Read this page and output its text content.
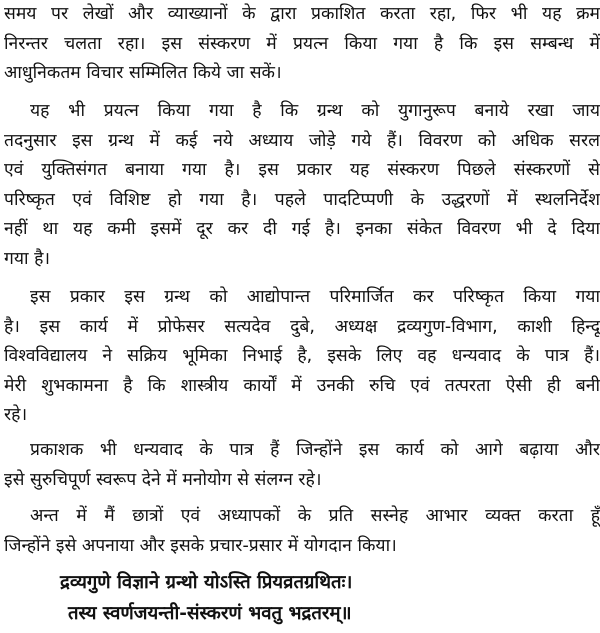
समय पर लेखों और व्याख्यानों के द्वारा प्रकाशित करता रहा, फिर भी यह क्रम
निरन्तर चलता रहा। इस संस्करण में प्रयत्न किया गया है कि इस सम्बन्ध में
आधुनिकतम विचार सम्मिलित किये जा सकें।
यह भी प्रयत्न किया गया है कि ग्रन्थ को युगानुरूप बनाये रखा जाय
तदनुसार इस ग्रन्थ में कई नये अध्याय जोड़े गये हैं। विवरण को अधिक सरल
एवं युक्तिसंगत बनाया गया है। इस प्रकार यह संस्करण पिछले संस्करणों से
परिष्कृत एवं विशिष्ट हो गया है। पहले पादटिप्पणी के उद्धरणों में स्थलनिर्देश
नहीं था यह कमी इसमें दूर कर दी गई है। इनका संकेत विवरण भी दे दिया
गया है।
इस प्रकार इस ग्रन्थ को आद्योपान्त परिमार्जित कर परिष्कृत किया गया
है। इस कार्य में प्रोफेसर सत्यदेव दुबे, अध्यक्ष द्रव्यगुण-विभाग, काशी हिन्दू
विश्वविद्यालय ने सक्रिय भूमिका निभाई है, इसके लिए वह धन्यवाद के पात्र हैं।
मेरी शुभकामना है कि शास्त्रीय कार्यों में उनकी रुचि एवं तत्परता ऐसी ही बनी
रहे।
प्रकाशक भी धन्यवाद के पात्र हैं जिन्होंने इस कार्य को आगे बढ़ाया और
इसे सुरुचिपूर्ण स्वरूप देने में मनोयोग से संलग्न रहे।
अन्त में मैं छात्रों एवं अध्यापकों के प्रति सस्नेह आभार व्यक्त करता हूँ
जिन्होंने इसे अपनाया और इसके प्रचार-प्रसार में योगदान किया।
द्रव्यगुणे विज्ञाने ग्रन्थो योऽस्ति प्रियव्रतग्रथितः।
तस्य स्वर्णजयन्ती-संस्करणं भवतु भद्रतरम्॥
